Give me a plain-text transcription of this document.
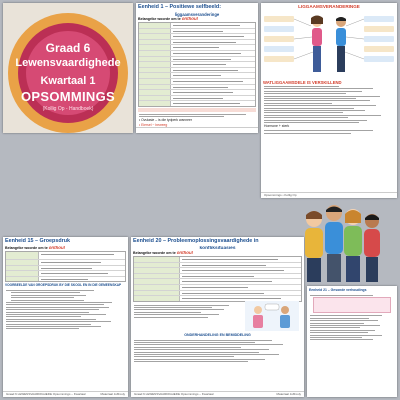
Graad 6
Lewensvaardighede
Kwartaal 1
OPSOMMINGS
(Kollig Op - Handboek)
Eenheid 1 – Positiewe selfbeeld:
liggaamsveranderinge
Belangrike woorde om te onthou!
• Ovulasie – is die tydperk wanneer
• Eiersel ~ beweeg
LIGGAAMSVERANDERINGE
WATLIGGAAMSDELE IS VERSKILLEND
Hormone + sterk
Opsommings • Kollig Op
Eenheid 15 – Groepsdruk
Belangrike woorde om te onthou!
VOORBEELDE VAN GROEPSDRUK BY DIE SKOOL EN IN DIE GEMEENSKAP
Graad 6 LEWENSVAARDIGHEDE Opsommings – Kwartaal	Materiaal Juffrouly
Eenheid 20 – Probleemoplossingsvaardighede in
konfliksituasies
Belangrike woorde om te onthou!
ONDERHANDELING EN BEMIDDELING
Graad 6 LEWENSVAARDIGHEDE Opsommings – Kwartaal	Materiaal Juffrouly
Eenheid 21 – Gesonde verhoudings
